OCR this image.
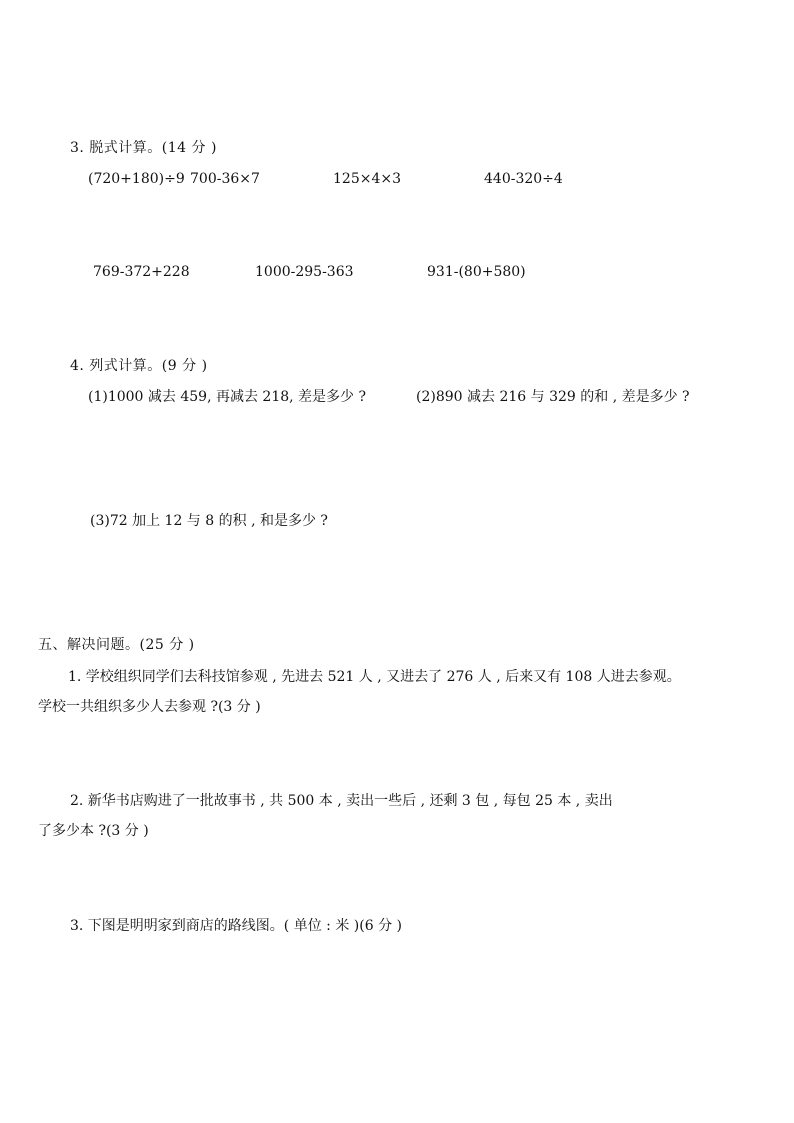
3. 脱式计算。(14 分 )
(720+180)÷9 700-36×7	125×4×3	440-320÷4
769-372+228	1000-295-363	931-(80+580)
4. 列式计算。(9 分 )
(1)1000 减去 459, 再减去 218, 差是多少 ?	(2)890 减去 216 与 329 的和 , 差是多少 ?
(3)72 加上 12 与 8 的积 , 和是多少 ?
五、解决问题。(25 分 )
1. 学校组织同学们去科技馆参观 , 先进去 521 人 , 又进去了 276 人 , 后来又有 108 人进去参观。
学校一共组织多少人去参观 ?(3 分 )
2. 新华书店购进了一批故事书 , 共 500 本 , 卖出一些后 , 还剩 3 包 , 每包 25 本 , 卖出
了多少本 ?(3 分 )
3. 下图是明明家到商店的路线图。( 单位 : 米 )(6 分 )
